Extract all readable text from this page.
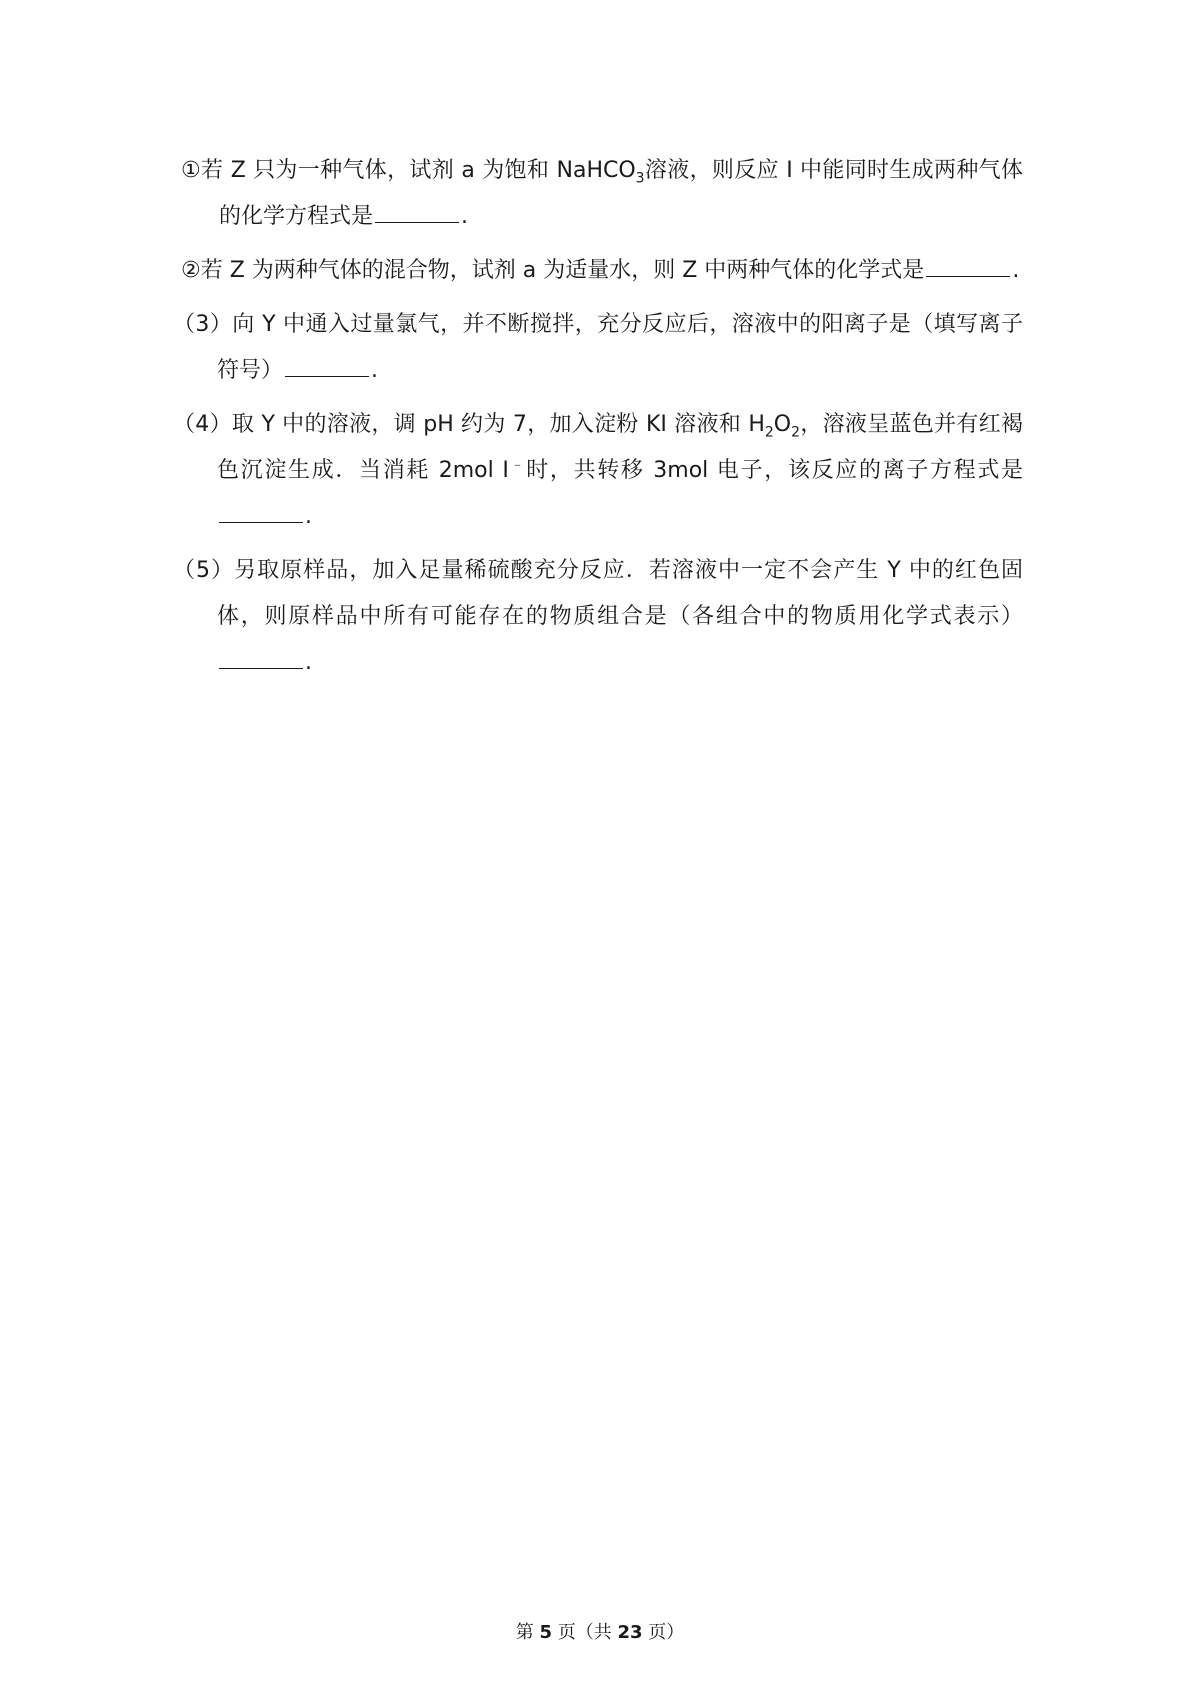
①若 Z 只为一种气体，试剂 a 为饱和 NaHCO$_3$溶液，则反应 I 中能同时生成两种气体的化学方程式是	.

②若 Z 为两种气体的混合物，试剂 a 为适量水，则 Z 中两种气体的化学式是	.

（3）向 Y 中通入过量氯气，并不断搅拌，充分反应后，溶液中的阳离子是（填写离子符号）	.

（4）取 Y 中的溶液，调 pH 约为 7，加入淀粉 KI 溶液和 $H_2O_2$，溶液呈蓝色并有红褐色沉淀生成．当消耗 2mol I﹣时，共转移 3mol 电子，该反应的离子方程式是.

（5）另取原样品，加入足量稀硫酸充分反应．若溶液中一定不会产生 Y 中的红色固体，则原样品中所有可能存在的物质组合是（各组合中的物质用化学式表示）.

第 5 页（共 23 页）
